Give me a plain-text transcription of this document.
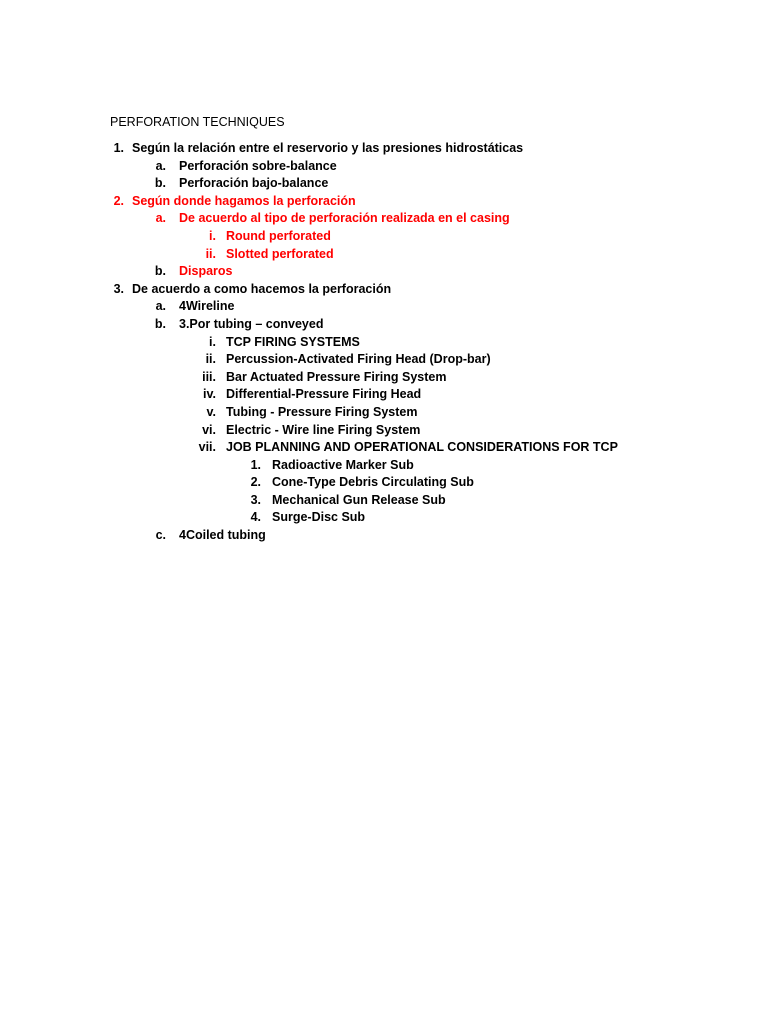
PERFORATION TECHNIQUES
1. Según la relación entre el reservorio y las presiones hidrostáticas
a. Perforación sobre-balance
b. Perforación bajo-balance
2. Según donde hagamos la perforación
a. De acuerdo al tipo de perforación realizada en el casing
i. Round perforated
ii. Slotted perforated
b. Disparos
3. De acuerdo a como hacemos la perforación
a. 4Wireline
b. 3.Por tubing – conveyed
i. TCP FIRING SYSTEMS
ii. Percussion-Activated Firing Head (Drop-bar)
iii. Bar Actuated Pressure Firing System
iv. Differential-Pressure Firing Head
v. Tubing - Pressure Firing System
vi. Electric - Wire line Firing System
vii. JOB PLANNING AND OPERATIONAL CONSIDERATIONS FOR TCP
1. Radioactive Marker Sub
2. Cone-Type Debris Circulating Sub
3. Mechanical Gun Release Sub
4. Surge-Disc Sub
c. 4Coiled tubing
